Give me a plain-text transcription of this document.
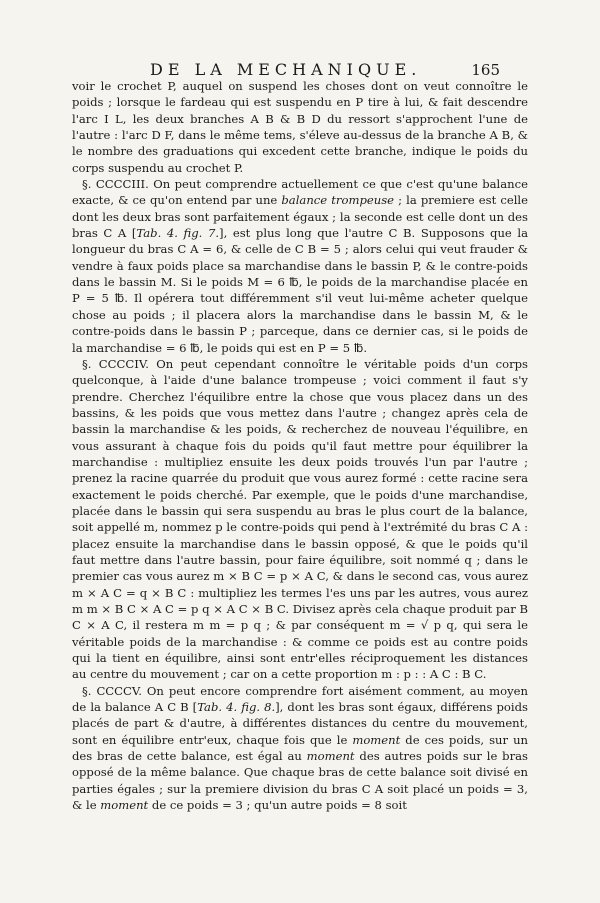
DE LA MECHANIQUE.	165

voir le crochet P, auquel on suspend les choses dont on veut connoître le poids ; lorsque le fardeau qui est suspendu en P tire à lui, & fait descendre l'arc I L, les deux branches A B & B D du ressort s'approchent l'une de l'autre : l'arc D F, dans le même tems, s'éleve au-dessus de la branche A B, & le nombre des graduations qui excedent cette branche, indique le poids du corps suspendu au crochet P.

§. CCCCIII. On peut comprendre actuellement ce que c'est qu'une balance exacte, & ce qu'on entend par une balance trompeuse ; la premiere est celle dont les deux bras sont parfaitement égaux ; la seconde est celle dont un des bras C A [Tab. 4. fig. 7.], est plus long que l'autre C B. Supposons que la longueur du bras C A = 6, & celle de C B = 5 ; alors celui qui veut frauder & vendre à faux poids place sa marchandise dans le bassin P, & le contre-poids dans le bassin M. Si le poids M = 6 ℔, le poids de la marchandise placée en P = 5 ℔. Il opérera tout différemment s'il veut lui-même acheter quelque chose au poids ; il placera alors la marchandise dans le bassin M, & le contre-poids dans le bassin P ; parceque, dans ce dernier cas, si le poids de la marchandise = 6 ℔, le poids qui est en P = 5 ℔.

§. CCCCIV. On peut cependant connoître le véritable poids d'un corps quelconque, à l'aide d'une balance trompeuse ; voici comment il faut s'y prendre. Cherchez l'équilibre entre la chose que vous placez dans un des bassins, & les poids que vous mettez dans l'autre ; changez après cela de bassin la marchandise & les poids, & recherchez de nouveau l'équilibre, en vous assurant à chaque fois du poids qu'il faut mettre pour équilibrer la marchandise : multipliez ensuite les deux poids trouvés l'un par l'autre ; prenez la racine quarrée du produit que vous aurez formé : cette racine sera exactement le poids cherché. Par exemple, que le poids d'une marchandise, placée dans le bassin qui sera suspendu au bras le plus court de la balance, soit appellé m, nommez p le contre-poids qui pend à l'extrémité du bras C A : placez ensuite la marchandise dans le bassin opposé, & que le poids qu'il faut mettre dans l'autre bassin, pour faire équilibre, soit nommé q ; dans le premier cas vous aurez m × B C = p × A C, & dans le second cas, vous aurez m × A C = q × B C : multipliez les termes l'es uns par les autres, vous aurez m m × B C × A C = p q × A C × B C. Divisez après cela chaque produit par B C × A C, il restera m m = p q ; & par conséquent m = √ p q, qui sera le véritable poids de la marchandise : & comme ce poids est au contre poids qui la tient en équilibre, ainsi sont entr'elles réciproquement les distances au centre du mouvement ; car on a cette proportion m : p : : A C : B C.

§. CCCCV. On peut encore comprendre fort aisément comment, au moyen de la balance A C B [Tab. 4. fig. 8.], dont les bras sont égaux, différens poids placés de part & d'autre, à différentes distances du centre du mouvement, sont en équilibre entr'eux, chaque fois que le moment de ces poids, sur un des bras de cette balance, est égal au moment des autres poids sur le bras opposé de la même balance. Que chaque bras de cette balance soit divisé en parties égales ; sur la premiere division du bras C A soit placé un poids = 3, & le moment de ce poids = 3 ; qu'un autre poids = 8 soit
